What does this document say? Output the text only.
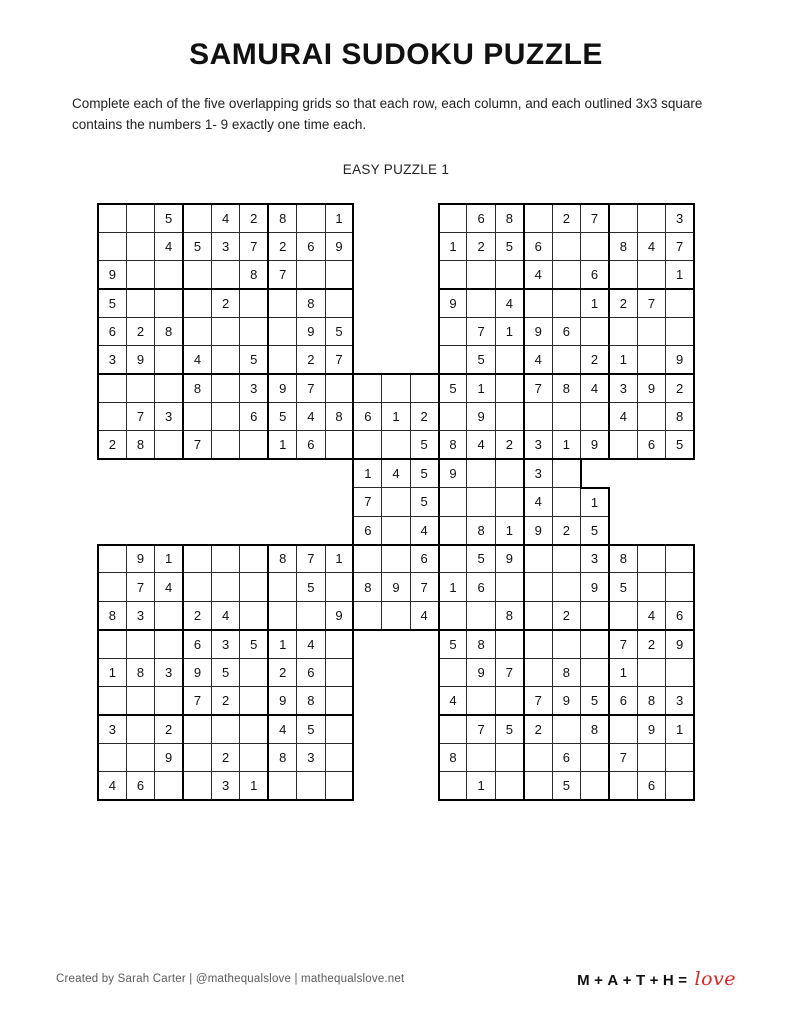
SAMURAI SUDOKU PUZZLE

Complete each of the five overlapping grids so that each row, each column, and each outlined 3x3 square contains the numbers 1- 9 exactly one time each.

EASY PUZZLE 1
		5		4	2	8		1					6	8		2	7			3
		4	5	3	7	2	6	9				1	2	5	6			8	4	7
9					8	7									4		6			1
5				2			8					9		4			1	2	7	
6	2	8					9	5					7	1	9	6				
3	9		4		5		2	7					5		4		2	1		9
			8		3	9	7					5	1		7	8	4	3	9	2
	7	3			6	5	4	8	6	1	2		9					4		8
2	8		7			1	6				5	8	4	2	3	1	9		6	5
									1	4	5	9			3					
									7		5				4		1			
									6		4		8	1	9	2	5			
	9	1				8	7	1			6		5	9			3	8		
	7	4					5		8	9	7	1	6				9	5		
8	3		2	4				9			4			8		2			4	6
			6	3	5	1	4					5	8					7	2	9
1	8	3	9	5		2	6						9	7		8		1		
			7	2		9	8					4			7	9	5	6	8	3
3		2				4	5						7	5	2		8		9	1
		9		2		8	3					8				6		7		
4	6			3	1								1			5			6	
Created by Sarah Carter | @mathequalslove | mathequalslove.net	M + A + T + H = love
